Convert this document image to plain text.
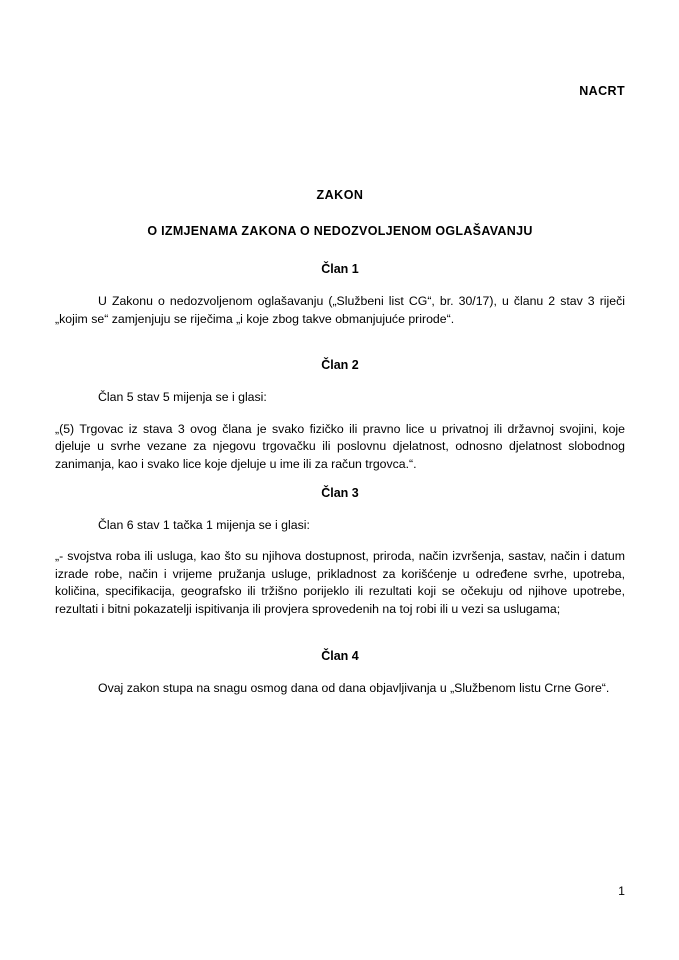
NACRT
ZAKON
O IZMJENAMA ZAKONA O NEDOZVOLJENOM OGLAŠAVANJU
Član 1

U Zakonu o nedozvoljenom oglašavanju („Službeni list CG“, br. 30/17), u članu 2 stav 3 riječi „kojim se“ zamjenjuju se riječima „i koje zbog takve obmanjujuće prirode“.

Član 2

Član 5 stav 5 mijenja se i glasi:

„(5) Trgovac iz stava 3 ovog člana je svako fizičko ili pravno lice u privatnoj ili državnoj svojini, koje djeluje u svrhe vezane za njegovu trgovačku ili poslovnu djelatnost, odnosno djelatnost slobodnog zanimanja, kao i svako lice koje djeluje u ime ili za račun trgovca.“.

Član 3

Član 6 stav 1 tačka 1 mijenja se i glasi:

„- svojstva roba ili usluga, kao što su njihova dostupnost, priroda, način izvršenja, sastav, način i datum izrade robe, način i vrijeme pružanja usluge, prikladnost za korišćenje u određene svrhe, upotreba, količina, specifikacija, geografsko ili tržišno porijeklo ili rezultati koji se očekuju od njihove upotrebe, rezultati i bitni pokazatelji ispitivanja ili provjera sprovedenih na toj robi ili u vezi sa uslugama;

Član 4

Ovaj zakon stupa na snagu osmog dana od dana objavljivanja u „Službenom listu Crne Gore“.

1
